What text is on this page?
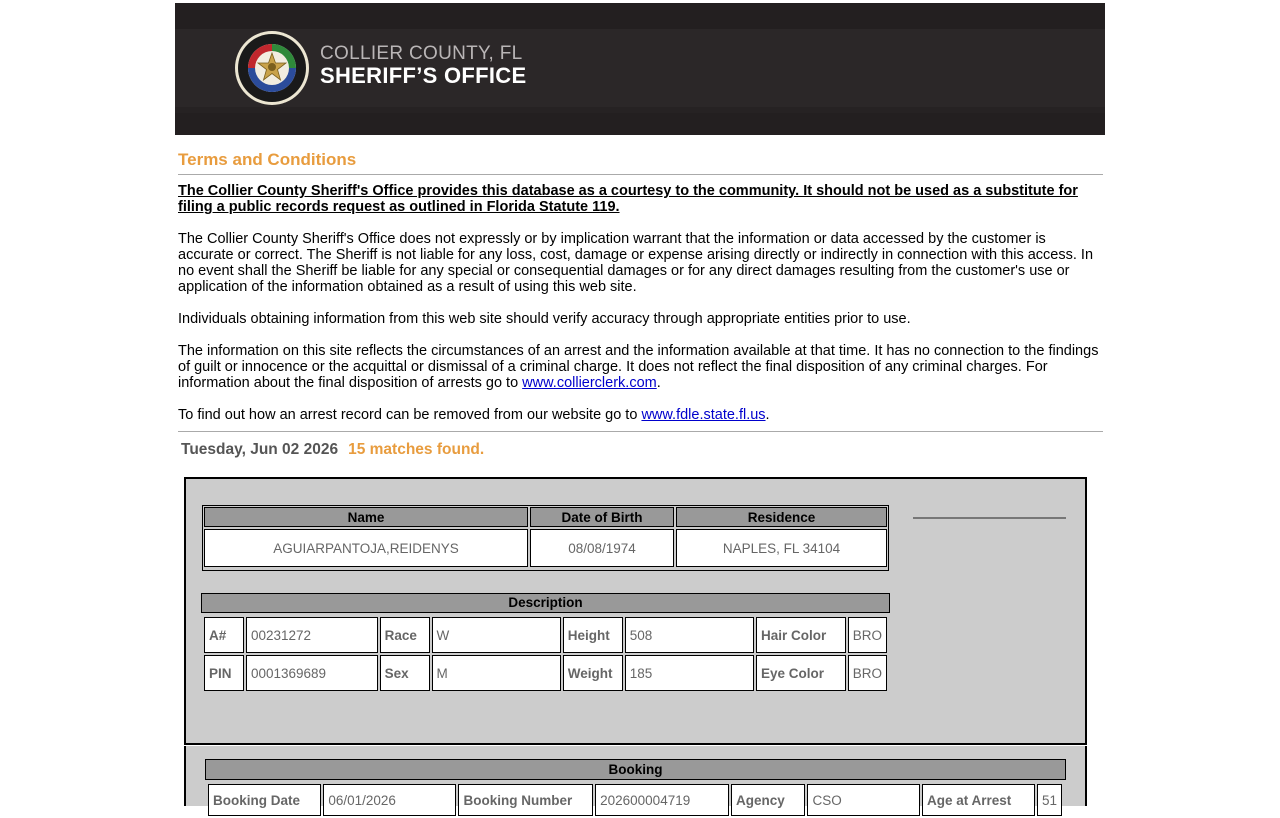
COLLIER COUNTY, FL
SHERIFF’S OFFICE
Terms and Conditions

The Collier County Sheriff's Office provides this database as a courtesy to the community. It should not be used as a substitute for filing a public records request as outlined in Florida Statute 119.

The Collier County Sheriff's Office does not expressly or by implication warrant that the information or data accessed by the customer is accurate or correct. The Sheriff is not liable for any loss, cost, damage or expense arising directly or indirectly in connection with this access. In no event shall the Sheriff be liable for any special or consequential damages or for any direct damages resulting from the customer's use or application of the information obtained as a result of using this web site.

Individuals obtaining information from this web site should verify accuracy through appropriate entities prior to use.

The information on this site reflects the circumstances of an arrest and the information available at that time. It has no connection to the findings of guilt or innocence or the acquittal or dismissal of a criminal charge. It does not reflect the final disposition of any criminal charges. For information about the final disposition of arrests go to www.collierclerk.com.

To find out how an arrest record can be removed from our website go to www.fdle.state.fl.us.

Tuesday, Jun 02 2026 15 matches found.
Name	Date of Birth	Residence
AGUIARPANTOJA,REIDENYS	08/08/1974	NAPLES, FL 34104
Description
A#	00231272	Race	W	Height	508	Hair Color	BRO
PIN	0001369689	Sex	M	Weight	185	Eye Color	BRO
Booking
Booking Date	06/01/2026	Booking Number	202600004719	Agency	CSO	Age at Arrest	51
